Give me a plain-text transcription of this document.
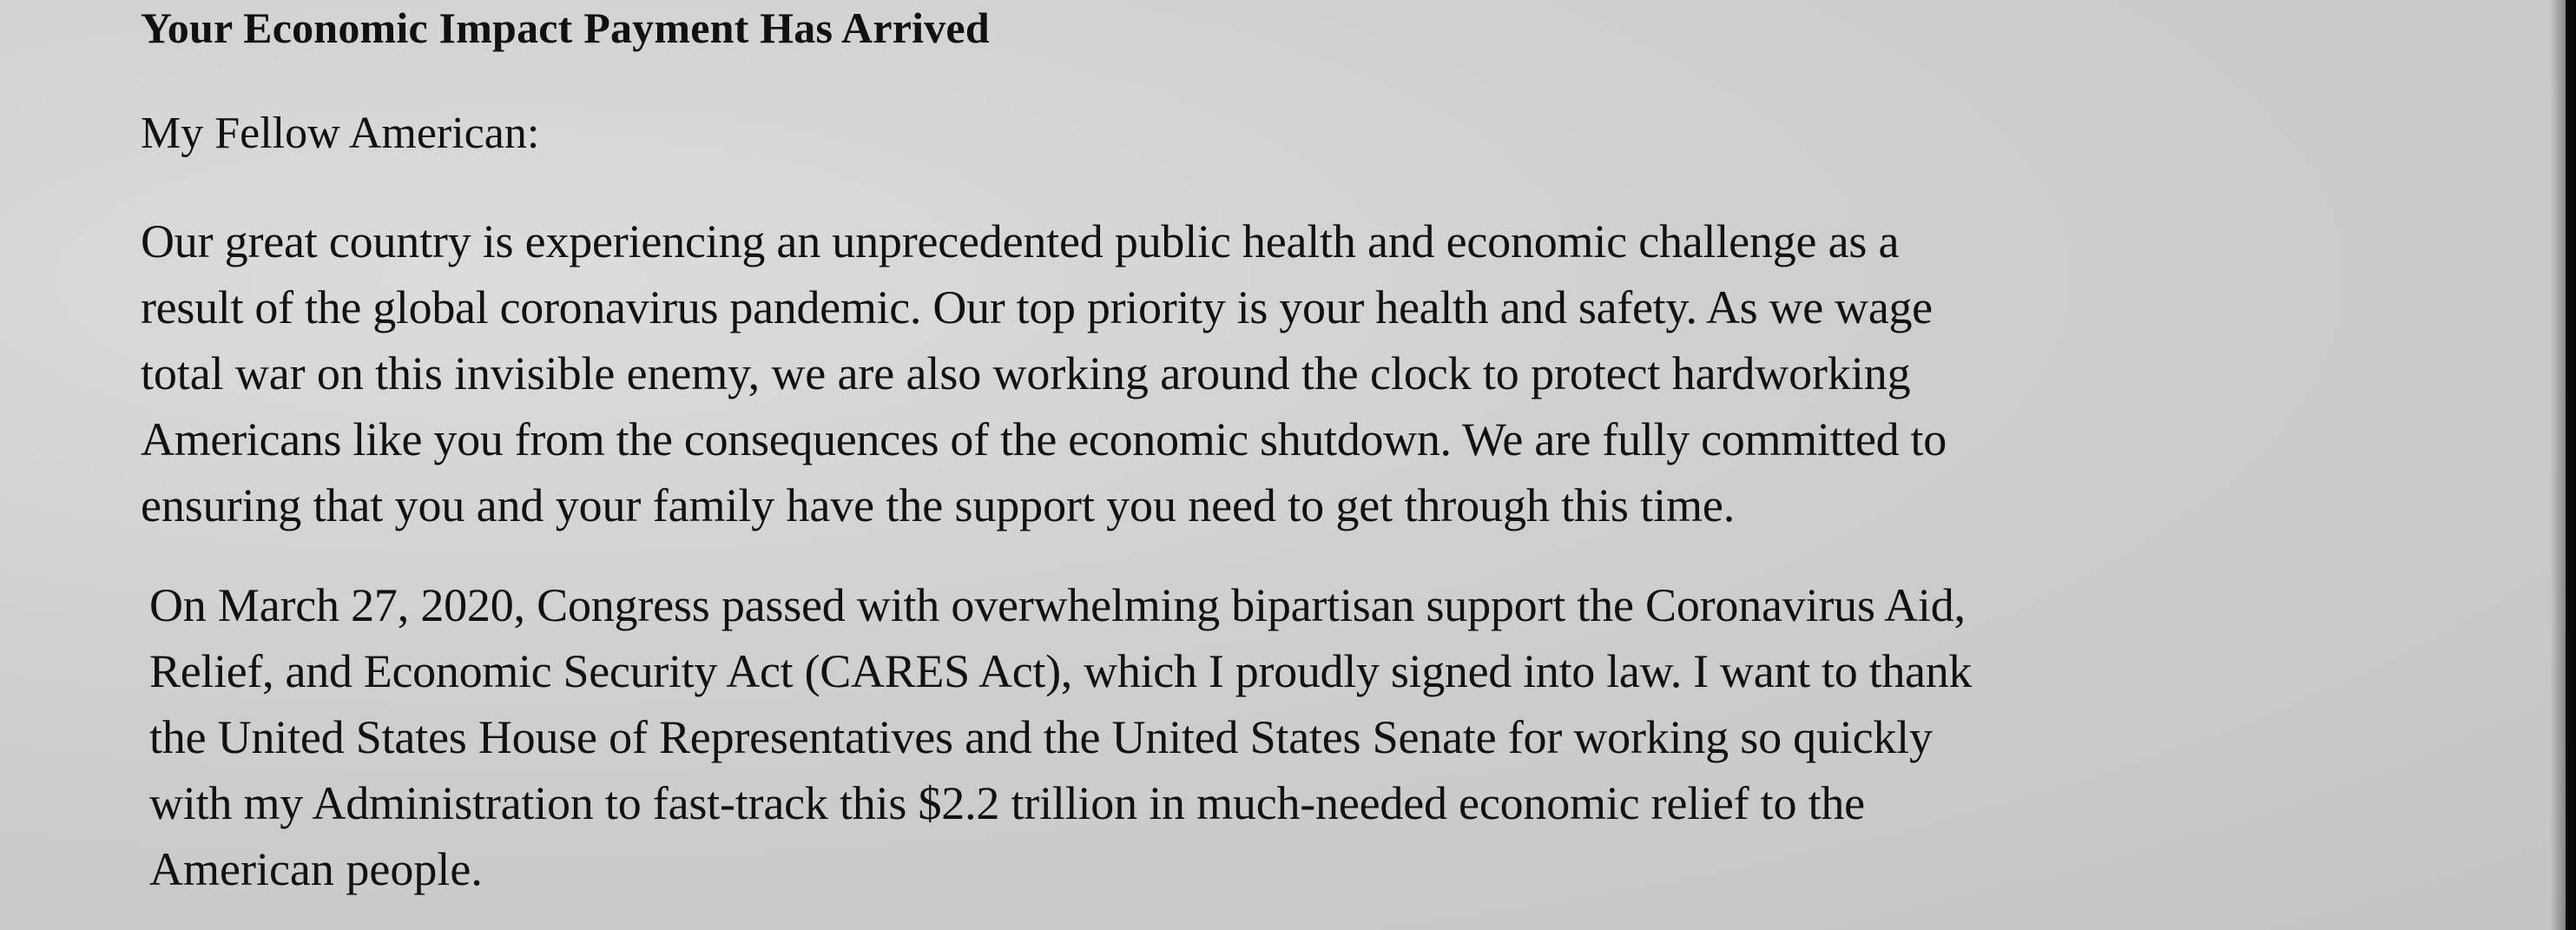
Your Economic Impact Payment Has Arrived
My Fellow American:
Our great country is experiencing an unprecedented public health and economic challenge as a
result of the global coronavirus pandemic. Our top priority is your health and safety. As we wage
total war on this invisible enemy, we are also working around the clock to protect hardworking
Americans like you from the consequences of the economic shutdown. We are fully committed to
ensuring that you and your family have the support you need to get through this time.
On March 27, 2020, Congress passed with overwhelming bipartisan support the Coronavirus Aid,
Relief, and Economic Security Act (CARES Act), which I proudly signed into law. I want to thank
the United States House of Representatives and the United States Senate for working so quickly
with my Administration to fast-track this $2.2 trillion in much-needed economic relief to the
American people.
